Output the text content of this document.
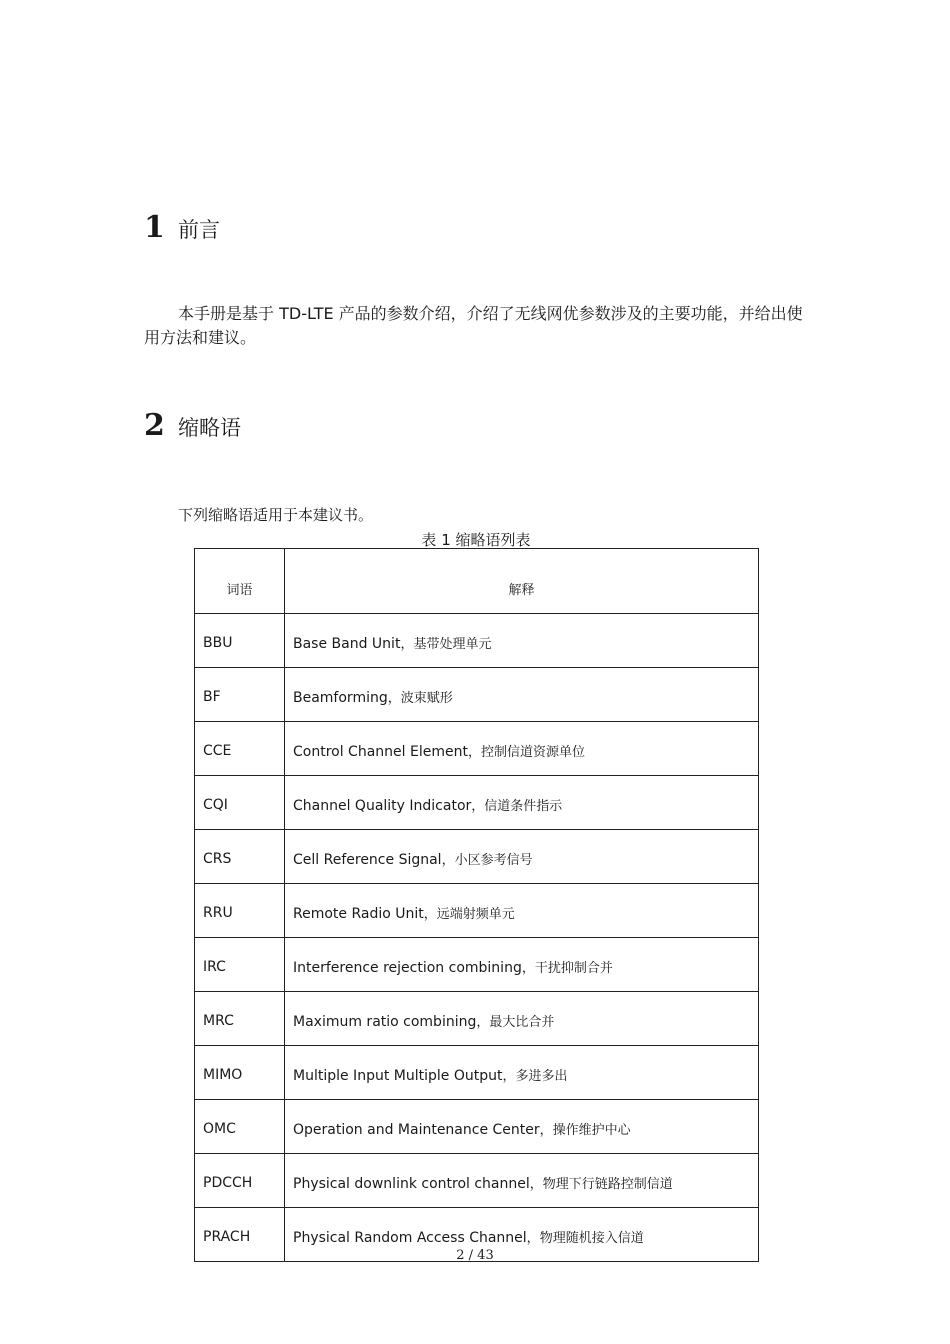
1 前言

本手册是基于 TD-LTE 产品的参数介绍，介绍了无线网优参数涉及的主要功能，并给出使用方法和建议。

2 缩略语

下列缩略语适用于本建议书。

表 1 缩略语列表
词语	解释
BBU	Base Band Unit，基带处理单元
BF	Beamforming，波束赋形
CCE	Control Channel Element，控制信道资源单位
CQI	Channel Quality Indicator，信道条件指示
CRS	Cell Reference Signal，小区参考信号
RRU	Remote Radio Unit，远端射频单元
IRC	Interference rejection combining，干扰抑制合并
MRC	Maximum ratio combining，最大比合并
MIMO	Multiple Input Multiple Output，多进多出
OMC	Operation and Maintenance Center，操作维护中心
PDCCH	Physical downlink control channel，物理下行链路控制信道
PRACH	Physical Random Access Channel，物理随机接入信道
2 / 43
